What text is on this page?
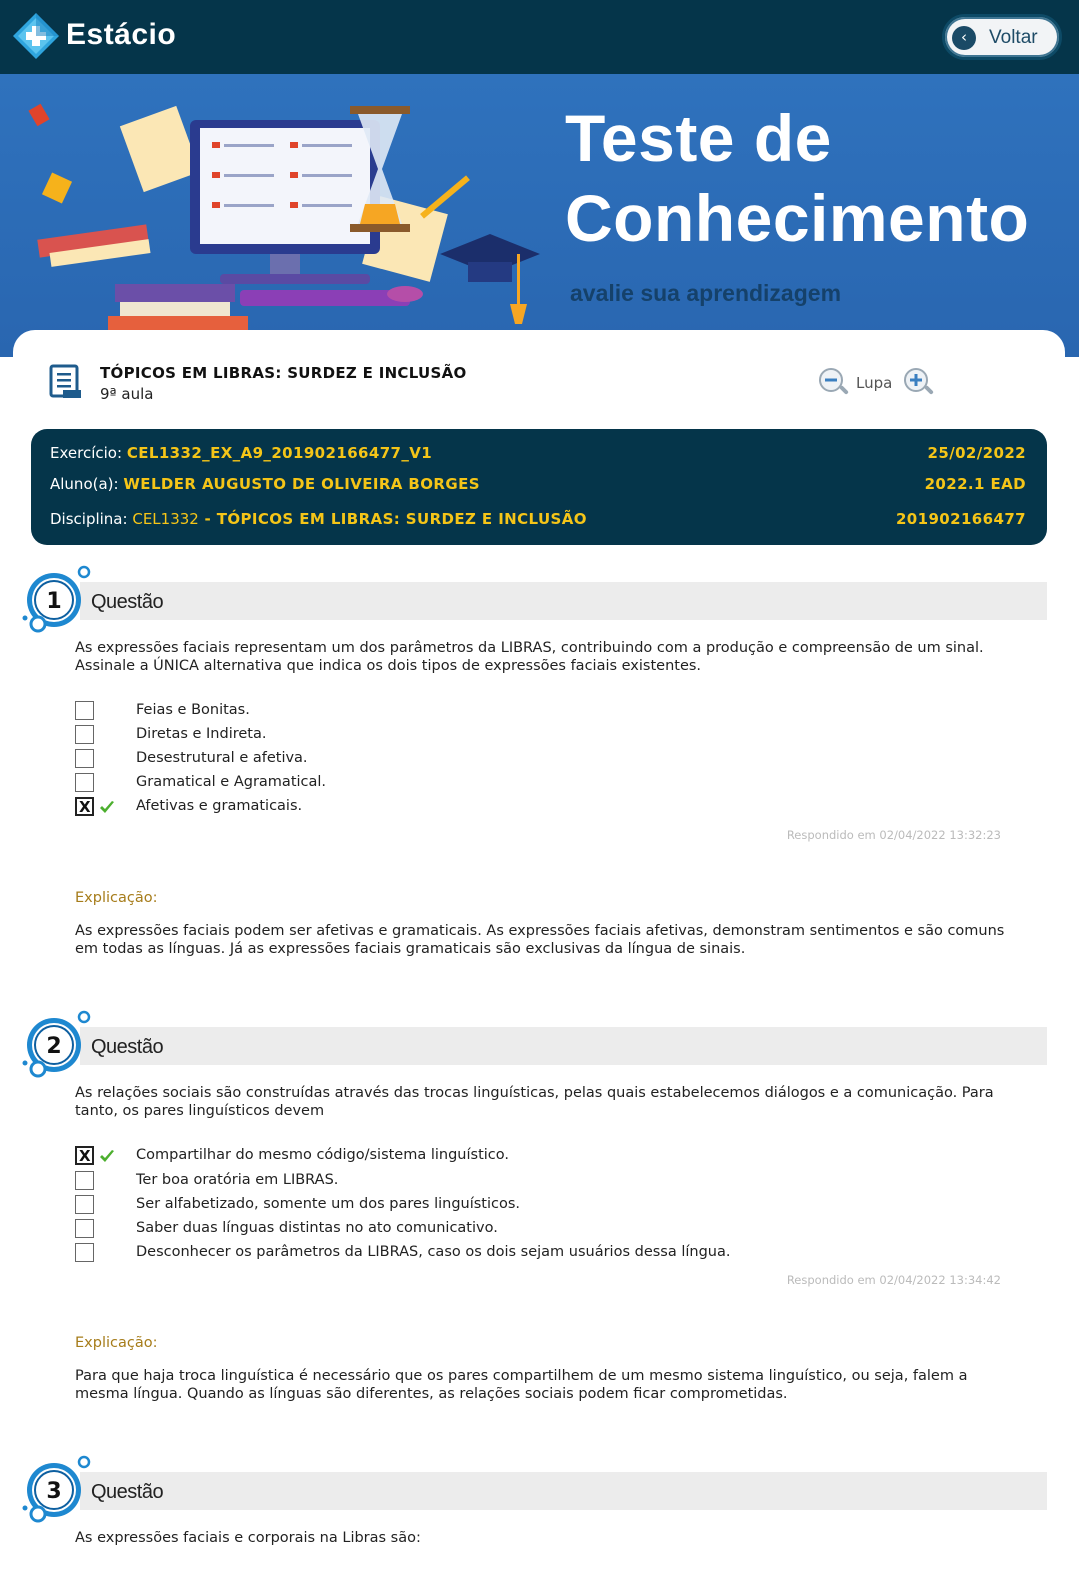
Estácio	‹	Voltar
Teste de
Conhecimento
avalie sua aprendizagem
TÓPICOS EM LIBRAS: SURDEZ E INCLUSÃO
9ª aula
Lupa
Exercício: CEL1332_EX_A9_201902166477_V1	25/02/2022
Aluno(a): WELDER AUGUSTO DE OLIVEIRA BORGES	2022.1 EAD
Disciplina: CEL1332 - TÓPICOS EM LIBRAS: SURDEZ E INCLUSÃO	201902166477
1 Questão
As expressões faciais representam um dos parâmetros da LIBRAS, contribuindo com a produção e compreensão de um sinal. Assinale a ÚNICA alternativa que indica os dois tipos de expressões faciais existentes.
Feias e Bonitas.
Diretas e Indireta.
Desestrutural e afetiva.
Gramatical e Agramatical.
X
Afetivas e gramaticais.
Respondido em 02/04/2022 13:32:23
Explicação:
As expressões faciais podem ser afetivas e gramaticais. As expressões faciais afetivas, demonstram sentimentos e são comuns em todas as línguas. Já as expressões faciais gramaticais são exclusivas da língua de sinais.
2 Questão
As relações sociais são construídas através das trocas linguísticas, pelas quais estabelecemos diálogos e a comunicação. Para tanto, os pares linguísticos devem
X
Compartilhar do mesmo código/sistema linguístico.
Ter boa oratória em LIBRAS.
Ser alfabetizado, somente um dos pares linguísticos.
Saber duas línguas distintas no ato comunicativo.
Desconhecer os parâmetros da LIBRAS, caso os dois sejam usuários dessa língua.
Respondido em 02/04/2022 13:34:42
Explicação:
Para que haja troca linguística é necessário que os pares compartilhem de um mesmo sistema linguístico, ou seja, falem a mesma língua. Quando as línguas são diferentes, as relações sociais podem ficar comprometidas.
3 Questão
As expressões faciais e corporais na Libras são:
